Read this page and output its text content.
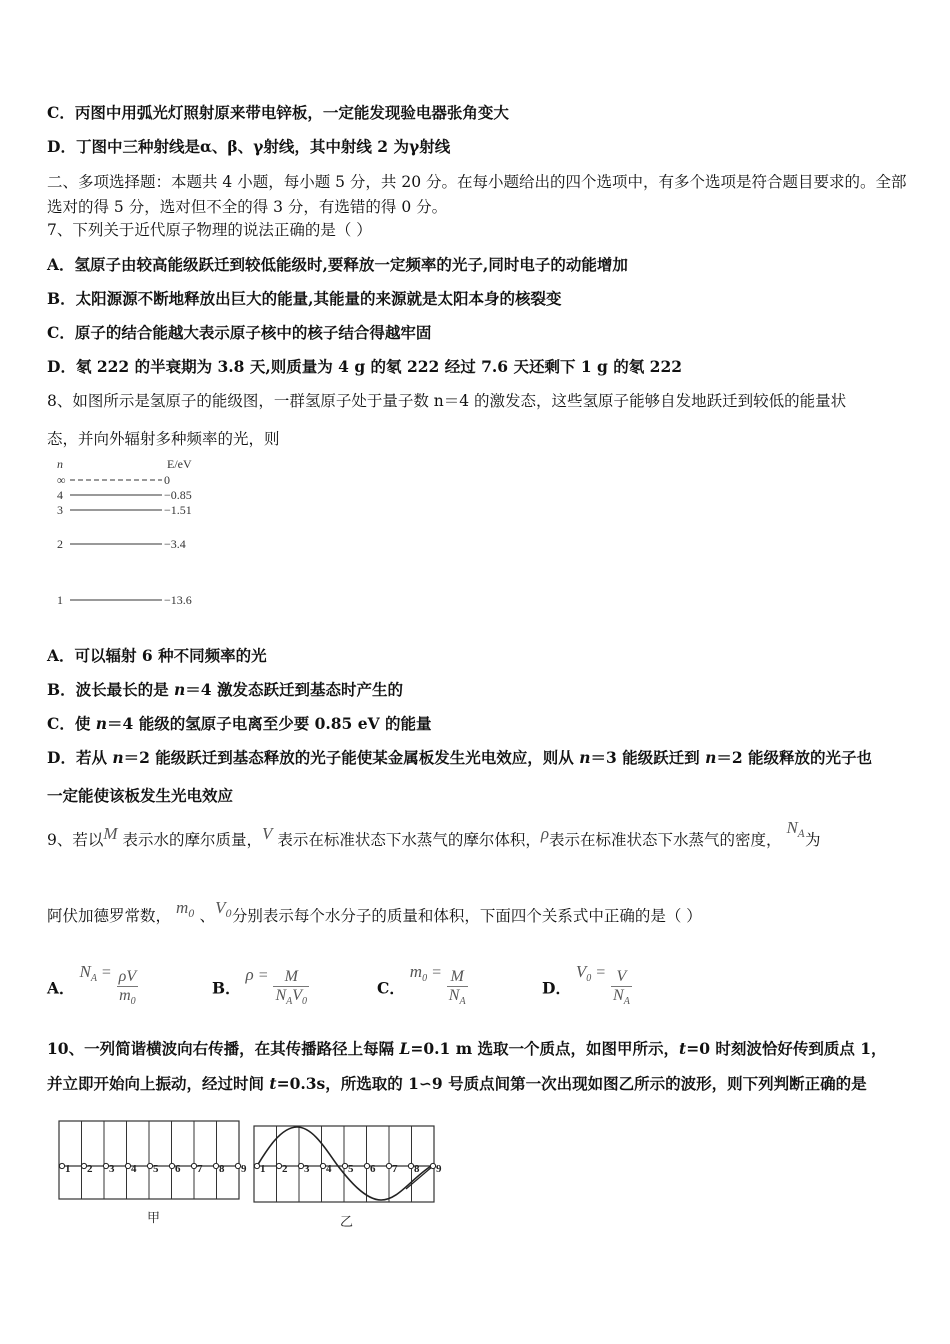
C．丙图中用弧光灯照射原来带电锌板，一定能发现验电器张角变大
D．丁图中三种射线是α、β、γ射线，其中射线 2 为γ射线
二、多项选择题：本题共 4 小题，每小题 5 分，共 20 分。在每小题给出的四个选项中，有多个选项是符合题目要求的。全部选对的得 5 分，选对但不全的得 3 分，有选错的得 0 分。
7、下列关于近代原子物理的说法正确的是（ ）
A．氢原子由较高能级跃迁到较低能级时,要释放一定频率的光子,同时电子的动能增加
B．太阳源源不断地释放出巨大的能量,其能量的来源就是太阳本身的核裂变
C．原子的结合能越大表示原子核中的核子结合得越牢固
D．氡 222 的半衰期为 3.8 天,则质量为 4 g 的氡 222 经过 7.6 天还剩下 1 g 的氡 222
8、如图所示是氢原子的能级图，一群氢原子处于量子数 n＝4 的激发态，这些氢原子能够自发地跃迁到较低的能量状
态，并向外辐射多种频率的光，则
n	E/eV
∞	0
4	−0.85
3	−1.51
2	−3.4
1	−13.6
A．可以辐射 6 种不同频率的光
B．波长最长的是 n＝4 激发态跃迁到基态时产生的
C．使 n＝4 能级的氢原子电离至少要 0.85 eV 的能量
D．若从 n＝2 能级跃迁到基态释放的光子能使某金属板发生光电效应，则从 n＝3 能级跃迁到 n＝2 能级释放的光子也
一定能使该板发生光电效应
9、若以M 表示水的摩尔质量，V 表示在标准状态下水蒸气的摩尔体积，ρ表示在标准状态下水蒸气的密度， $N_A$为
阿伏加德罗常数， $m_0$ 、$V_0$分别表示每个水分子的质量和体积，下面四个关系式中正确的是（ ）
A． $N_A = \frac{\rho V}{m_0}$	B． $\rho = \frac{M}{N_AV_0}$	C． $m_0 = \frac{M}{N_A}$	D． $V_0 = \frac{V}{N_A}$
10、一列简谐横波向右传播，在其传播路径上每隔 L=0.1 m 选取一个质点，如图甲所示，t=0 时刻波恰好传到质点 1，
并立即开始向上振动，经过时间 t=0.3s，所选取的 1∽9 号质点间第一次出现如图乙所示的波形，则下列判断正确的是
1 2 3 4 5 6 7 8 9
甲
1 2 3 4 5 6 7 8 9
乙
